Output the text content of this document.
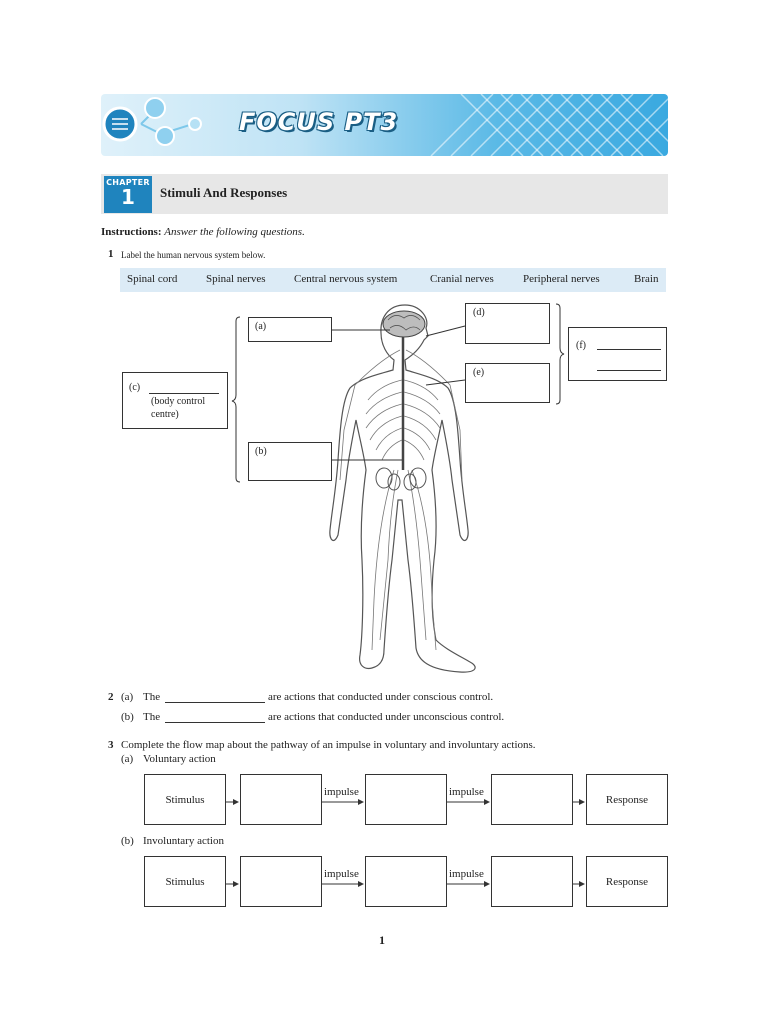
FOCUS PT3
CHAPTER
1	Stimuli And Responses
Instructions: Answer the following questions.
1 Label the human nervous system below.
Spinal cord	Spinal nerves	Central nervous system	Cranial nerves	Peripheral nerves	Brain
(a)
(b)
(c)
(body control
centre)
(d)
(e)
(f)
2 (a) The	are actions that conducted under conscious control.
(b) The	are actions that conducted under unconscious control.
3 Complete the flow map about the pathway of an impulse in voluntary and involuntary actions.
(a) Voluntary action
Stimulus	Response
impulse	impulse
(b) Involuntary action
Stimulus	Response
impulse	impulse
1
